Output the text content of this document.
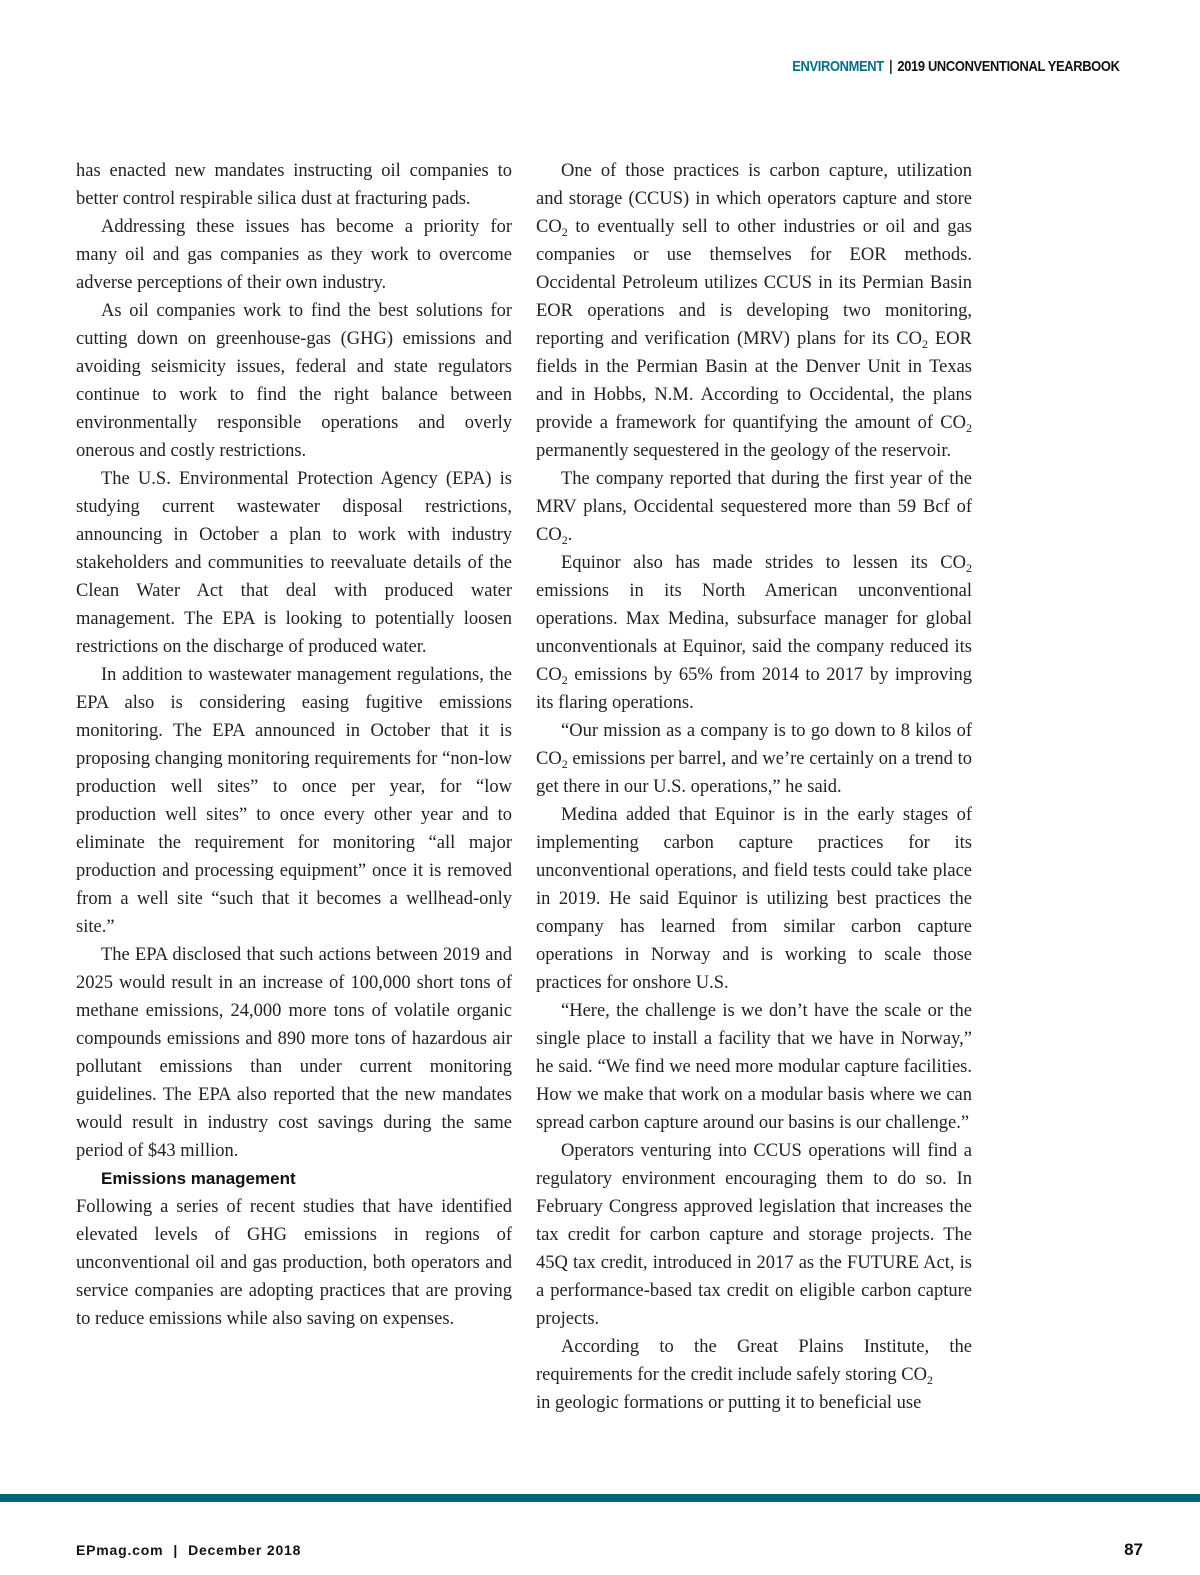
ENVIRONMENT | 2019 UNCONVENTIONAL YEARBOOK

has enacted new mandates instructing oil companies to better control respirable silica dust at fracturing pads.

Addressing these issues has become a priority for many oil and gas companies as they work to overcome adverse perceptions of their own industry.

As oil companies work to find the best solutions for cutting down on greenhouse-gas (GHG) emissions and avoiding seismicity issues, federal and state regulators continue to work to find the right balance between environmentally responsible operations and overly onerous and costly restrictions.

The U.S. Environmental Protection Agency (EPA) is studying current wastewater disposal restrictions, announcing in October a plan to work with industry stakeholders and communities to reevaluate details of the Clean Water Act that deal with produced water management. The EPA is looking to potentially loosen restrictions on the discharge of produced water.

In addition to wastewater management regulations, the EPA also is considering easing fugitive emissions monitoring. The EPA announced in October that it is proposing changing monitoring requirements for “non-low production well sites” to once per year, for “low production well sites” to once every other year and to eliminate the requirement for monitoring “all major production and processing equipment” once it is removed from a well site “such that it becomes a wellhead-only site.”

The EPA disclosed that such actions between 2019 and 2025 would result in an increase of 100,000 short tons of methane emissions, 24,000 more tons of volatile organic compounds emissions and 890 more tons of hazardous air pollutant emissions than under current monitoring guidelines. The EPA also reported that the new mandates would result in industry cost savings during the same period of $43 million.

Emissions management

Following a series of recent studies that have identified elevated levels of GHG emissions in regions of unconventional oil and gas production, both operators and service companies are adopting practices that are proving to reduce emissions while also saving on expenses.

One of those practices is carbon capture, utilization and storage (CCUS) in which operators capture and store $CO_2$ to eventually sell to other industries or oil and gas companies or use themselves for EOR methods. Occidental Petroleum utilizes CCUS in its Permian Basin EOR operations and is developing two monitoring, reporting and verification (MRV) plans for its $CO_2$ EOR fields in the Permian Basin at the Denver Unit in Texas and in Hobbs, N.M. According to Occidental, the plans provide a framework for quantifying the amount of $CO_2$ permanently sequestered in the geology of the reservoir.

The company reported that during the first year of the MRV plans, Occidental sequestered more than 59 Bcf of $CO_2$.

Equinor also has made strides to lessen its $CO_2$ emissions in its North American unconventional operations. Max Medina, subsurface manager for global unconventionals at Equinor, said the company reduced its $CO_2$ emissions by 65% from 2014 to 2017 by improving its flaring operations.

“Our mission as a company is to go down to 8 kilos of $CO_2$ emissions per barrel, and we’re certainly on a trend to get there in our U.S. operations,” he said.

Medina added that Equinor is in the early stages of implementing carbon capture practices for its unconventional operations, and field tests could take place in 2019. He said Equinor is utilizing best practices the company has learned from similar carbon capture operations in Norway and is working to scale those practices for onshore U.S.

“Here, the challenge is we don’t have the scale or the single place to install a facility that we have in Norway,” he said. “We find we need more modular capture facilities. How we make that work on a modular basis where we can spread carbon capture around our basins is our challenge.”

Operators venturing into CCUS operations will find a regulatory environment encouraging them to do so. In February Congress approved legislation that increases the tax credit for carbon capture and storage projects. The 45Q tax credit, introduced in 2017 as the FUTURE Act, is a performance-based tax credit on eligible carbon capture projects.

According to the Great Plains Institute, the requirements for the credit include safely storing $CO_2$
in geologic formations or putting it to beneficial use

EPmag.com | December 2018	87
